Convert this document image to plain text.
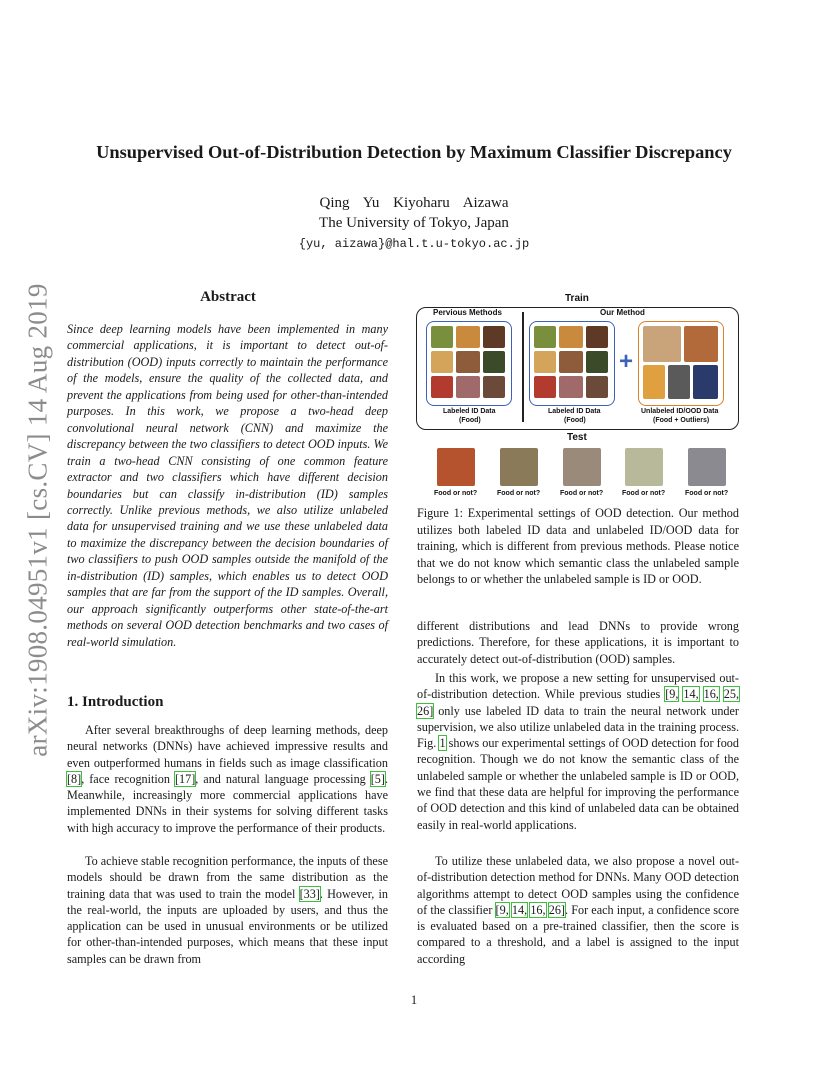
arXiv:1908.04951v1 [cs.CV] 14 Aug 2019
Unsupervised Out-of-Distribution Detection by Maximum Classifier Discrepancy
Qing Yu Kiyoharu Aizawa
The University of Tokyo, Japan
{yu, aizawa}@hal.t.u-tokyo.ac.jp
Abstract
Since deep learning models have been implemented in many commercial applications, it is important to detect out-of-distribution (OOD) inputs correctly to maintain the performance of the models, ensure the quality of the collected data, and prevent the applications from being used for other-than-intended purposes. In this work, we propose a two-head deep convolutional neural network (CNN) and maximize the discrepancy between the two classifiers to detect OOD inputs. We train a two-head CNN consisting of one common feature extractor and two classifiers which have different decision boundaries but can classify in-distribution (ID) samples correctly. Unlike previous methods, we also utilize unlabeled data for unsupervised training and we use these unlabeled data to maximize the discrepancy between the decision boundaries of two classifiers to push OOD samples outside the manifold of the in-distribution (ID) samples, which enables us to detect OOD samples that are far from the support of the ID samples. Overall, our approach significantly outperforms other state-of-the-art methods on several OOD detection benchmarks and two cases of real-world simulation.
1. Introduction
After several breakthroughs of deep learning methods, deep neural networks (DNNs) have achieved impressive results and even outperformed humans in fields such as image classification [8], face recognition [17], and natural language processing [5]. Meanwhile, increasingly more commercial applications have implemented DNNs in their systems for solving different tasks with high accuracy to improve the performance of their products.
To achieve stable recognition performance, the inputs of these models should be drawn from the same distribution as the training data that was used to train the model [33]. However, in the real-world, the inputs are uploaded by users, and thus the application can be used in unusual environments or be utilized for other-than-intended purposes, which means that these input samples can be drawn from
Train
Pervious Methods	Our Method
Labeled ID Data
(Food)
Labeled ID Data
(Food)
+
Unlabeled ID/OOD Data
(Food + Outliers)
Test
Food or not?	Food or not?	Food or not?	Food or not?	Food or not?
Figure 1: Experimental settings of OOD detection. Our method utilizes both labeled ID data and unlabeled ID/OOD data for training, which is different from previous methods. Please notice that we do not know which semantic class the unlabeled sample belongs to or whether the unlabeled sample is ID or OOD.
different distributions and lead DNNs to provide wrong predictions. Therefore, for these applications, it is important to accurately detect out-of-distribution (OOD) samples.
In this work, we propose a new setting for unsupervised out-of-distribution detection. While previous studies [9, 14, 16, 25, 26] only use labeled ID data to train the neural network under supervision, we also utilize unlabeled data in the training process. Fig. 1 shows our experimental settings of OOD detection for food recognition. Though we do not know the semantic class of the unlabeled sample or whether the unlabeled sample is ID or OOD, we find that these data are helpful for improving the performance of OOD detection and this kind of unlabeled data can be obtained easily in real-world applications.
To utilize these unlabeled data, we also propose a novel out-of-distribution detection method for DNNs. Many OOD detection algorithms attempt to detect OOD samples using the confidence of the classifier [9, 14, 16, 26]. For each input, a confidence score is evaluated based on a pre-trained classifier, then the score is compared to a threshold, and a label is assigned to the input according
1
